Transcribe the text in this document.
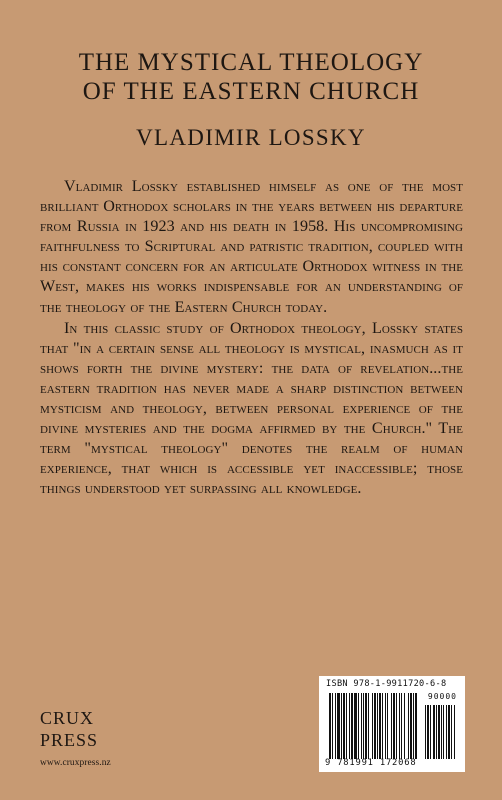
THE MYSTICAL THEOLOGY
OF THE EASTERN CHURCH
VLADIMIR LOSSKY

Vladimir Lossky established himself as one of the most brilliant Orthodox scholars in the years between his departure from Russia in 1923 and his death in 1958. His uncompromising faithfulness to Scriptural and patristic tradition, coupled with his constant concern for an articulate Orthodox witness in the West, makes his works indispensable for an understanding of the theology of the Eastern Church today.

In this classic study of Orthodox theology, Lossky states that "in a certain sense all theology is mystical, inasmuch as it shows forth the divine mystery: the data of revelation...the eastern tradition has never made a sharp distinction between mysticism and theology, between personal experience of the divine mysteries and the dogma affirmed by the Church." The term "mystical theology" denotes the realm of human experience, that which is accessible yet inaccessible; those things understood yet surpassing all knowledge.

CRUX
PRESS
www.cruxpress.nz
ISBN 978-1-9911720-6-8
90000
9 781991 172068
